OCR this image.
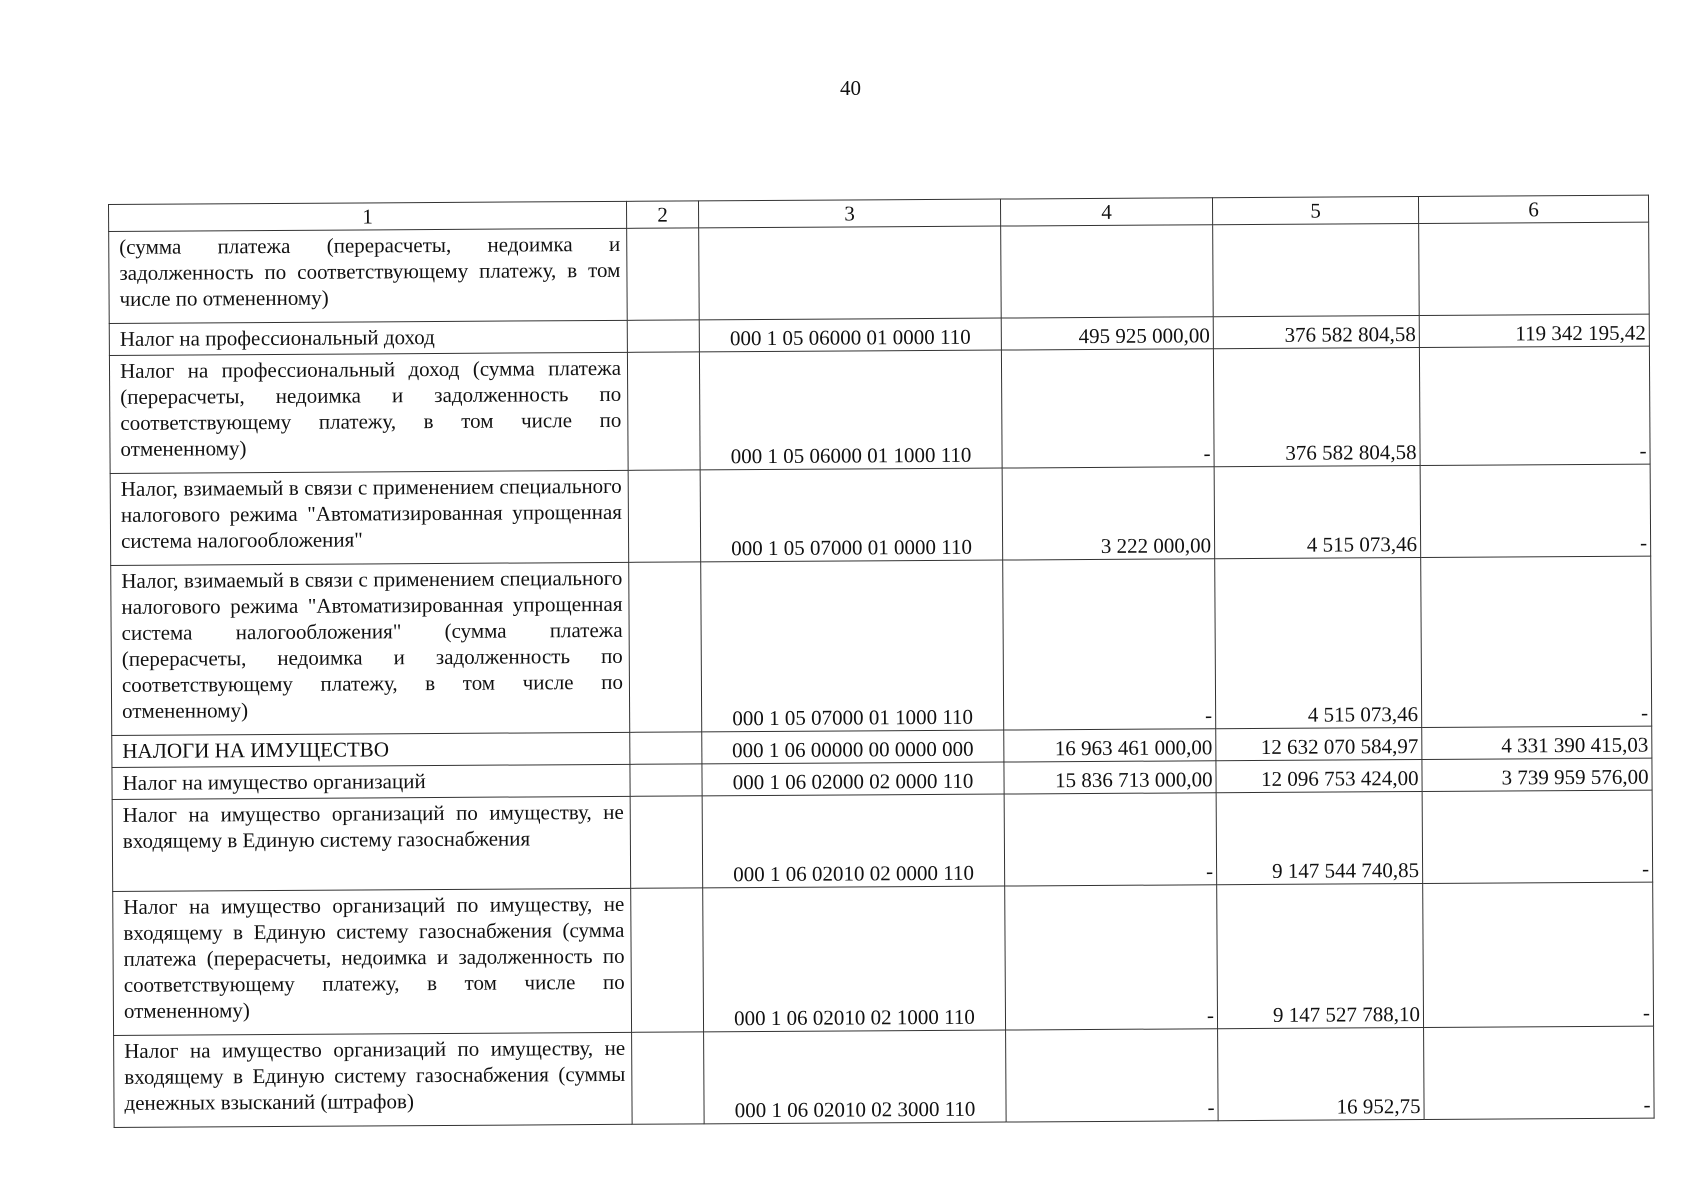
40
1	2	3	4	5	6
(сумма платежа (перерасчеты, недоимка и задолженность по соответствующему платежу, в том числе по отмененному)					
Налог на профессиональный доход		000 1 05 06000 01 0000 110	495 925 000,00	376 582 804,58	119 342 195,42
Налог на профессиональный доход (сумма платежа (перерасчеты, недоимка и задолженность по соответствующему платежу, в том числе по отмененному)		000 1 05 06000 01 1000 110	-	376 582 804,58	-
Налог, взимаемый в связи с применением специального налогового режима "Автоматизированная упрощенная система налогообложения"		000 1 05 07000 01 0000 110	3 222 000,00	4 515 073,46	-
Налог, взимаемый в связи с применением специального налогового режима "Автоматизированная упрощенная система налогообложения" (сумма платежа (перерасчеты, недоимка и задолженность по соответствующему платежу, в том числе по отмененному)		000 1 05 07000 01 1000 110	-	4 515 073,46	-
НАЛОГИ НА ИМУЩЕСТВО		000 1 06 00000 00 0000 000	16 963 461 000,00	12 632 070 584,97	4 331 390 415,03
Налог на имущество организаций		000 1 06 02000 02 0000 110	15 836 713 000,00	12 096 753 424,00	3 739 959 576,00
Налог на имущество организаций по имуществу, не входящему в Единую систему газоснабжения		000 1 06 02010 02 0000 110	-	9 147 544 740,85	-
Налог на имущество организаций по имуществу, не входящему в Единую систему газоснабжения (сумма платежа (перерасчеты, недоимка и задолженность по соответствующему платежу, в том числе по отмененному)		000 1 06 02010 02 1000 110	-	9 147 527 788,10	-
Налог на имущество организаций по имуществу, не входящему в Единую систему газоснабжения (суммы денежных взысканий (штрафов)		000 1 06 02010 02 3000 110	-	16 952,75	-
